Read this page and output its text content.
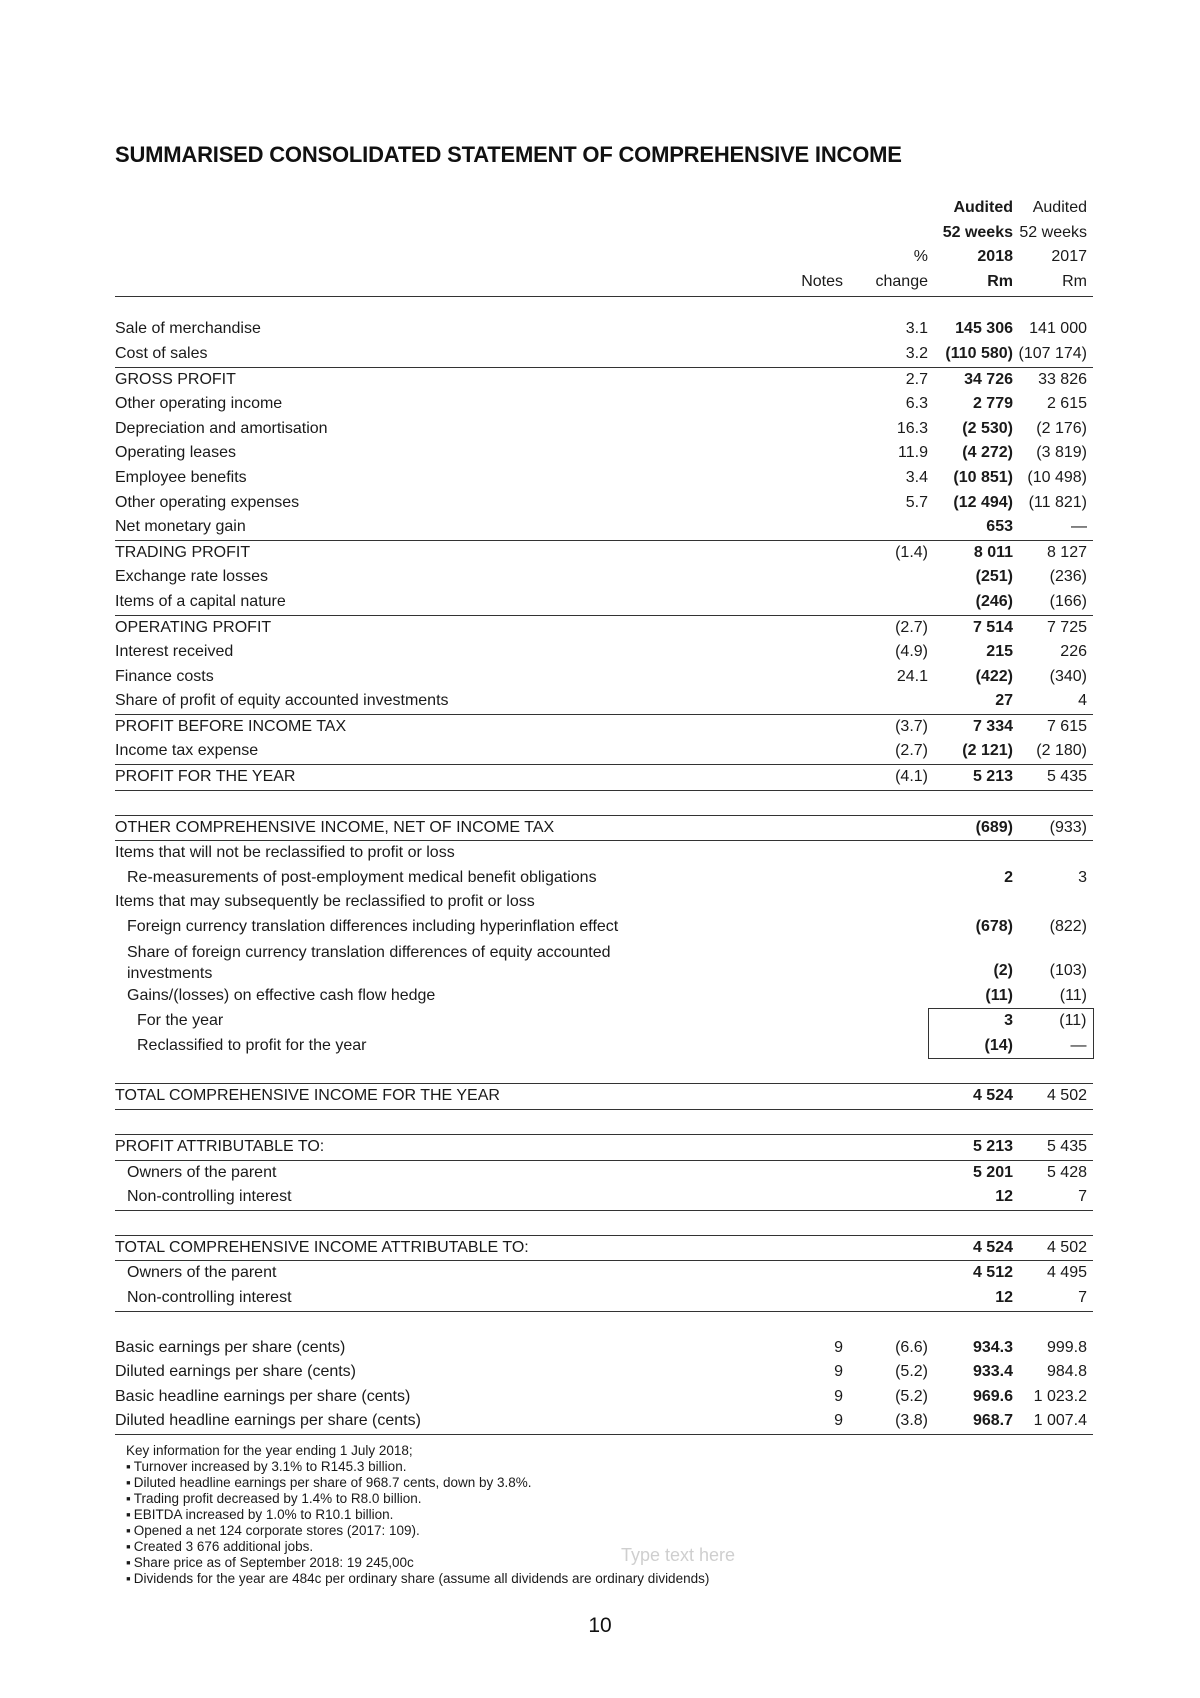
SUMMARISED CONSOLIDATED STATEMENT OF COMPREHENSIVE INCOME
			Audited	Audited
			52 weeks	52 weeks
		%	2018	2017
	Notes	change	Rm	Rm

Sale of merchandise		3.1	145 306	141 000
Cost of sales		3.2	(110 580)	(107 174)
GROSS PROFIT		2.7	34 726	33 826
Other operating income		6.3	2 779	2 615
Depreciation and amortisation		16.3	(2 530)	(2 176)
Operating leases		11.9	(4 272)	(3 819)
Employee benefits		3.4	(10 851)	(10 498)
Other operating expenses		5.7	(12 494)	(11 821)
Net monetary gain			653	—
TRADING PROFIT		(1.4)	8 011	8 127
Exchange rate losses			(251)	(236)
Items of a capital nature			(246)	(166)
OPERATING PROFIT		(2.7)	7 514	7 725
Interest received		(4.9)	215	226
Finance costs		24.1	(422)	(340)
Share of profit of equity accounted investments			27	4
PROFIT BEFORE INCOME TAX		(3.7)	7 334	7 615
Income tax expense		(2.7)	(2 121)	(2 180)
PROFIT FOR THE YEAR		(4.1)	5 213	5 435

OTHER COMPREHENSIVE INCOME, NET OF INCOME TAX			(689)	(933)
Items that will not be reclassified to profit or loss				
Re-measurements of post-employment medical benefit obligations			2	3
Items that may subsequently be reclassified to profit or loss				
Foreign currency translation differences including hyperinflation effect			(678)	(822)
Share of foreign currency translation differences of equity accounted investments			(2)	(103)
Gains/(losses) on effective cash flow hedge			(11)	(11)
For the year			3	(11)
Reclassified to profit for the year			(14)	—

TOTAL COMPREHENSIVE INCOME FOR THE YEAR			4 524	4 502

PROFIT ATTRIBUTABLE TO:			5 213	5 435
Owners of the parent			5 201	5 428
Non-controlling interest			12	7

TOTAL COMPREHENSIVE INCOME ATTRIBUTABLE TO:			4 524	4 502
Owners of the parent			4 512	4 495
Non-controlling interest			12	7

Basic earnings per share (cents)	9	(6.6)	934.3	999.8
Diluted earnings per share (cents)	9	(5.2)	933.4	984.8
Basic headline earnings per share (cents)	9	(5.2)	969.6	1 023.2
Diluted headline earnings per share (cents)	9	(3.8)	968.7	1 007.4
Key information for the year ending 1 July 2018;
▪ Turnover increased by 3.1% to R145.3 billion.
▪ Diluted headline earnings per share of 968.7 cents, down by 3.8%.
▪ Trading profit decreased by 1.4% to R8.0 billion.
▪ EBITDA increased by 1.0% to R10.1 billion.
▪ Opened a net 124 corporate stores (2017: 109).
▪ Created 3 676 additional jobs.
▪ Share price as of September 2018: 19 245,00c
▪ Dividends for the year are 484c per ordinary share (assume all dividends are ordinary dividends)
Type text here
10
